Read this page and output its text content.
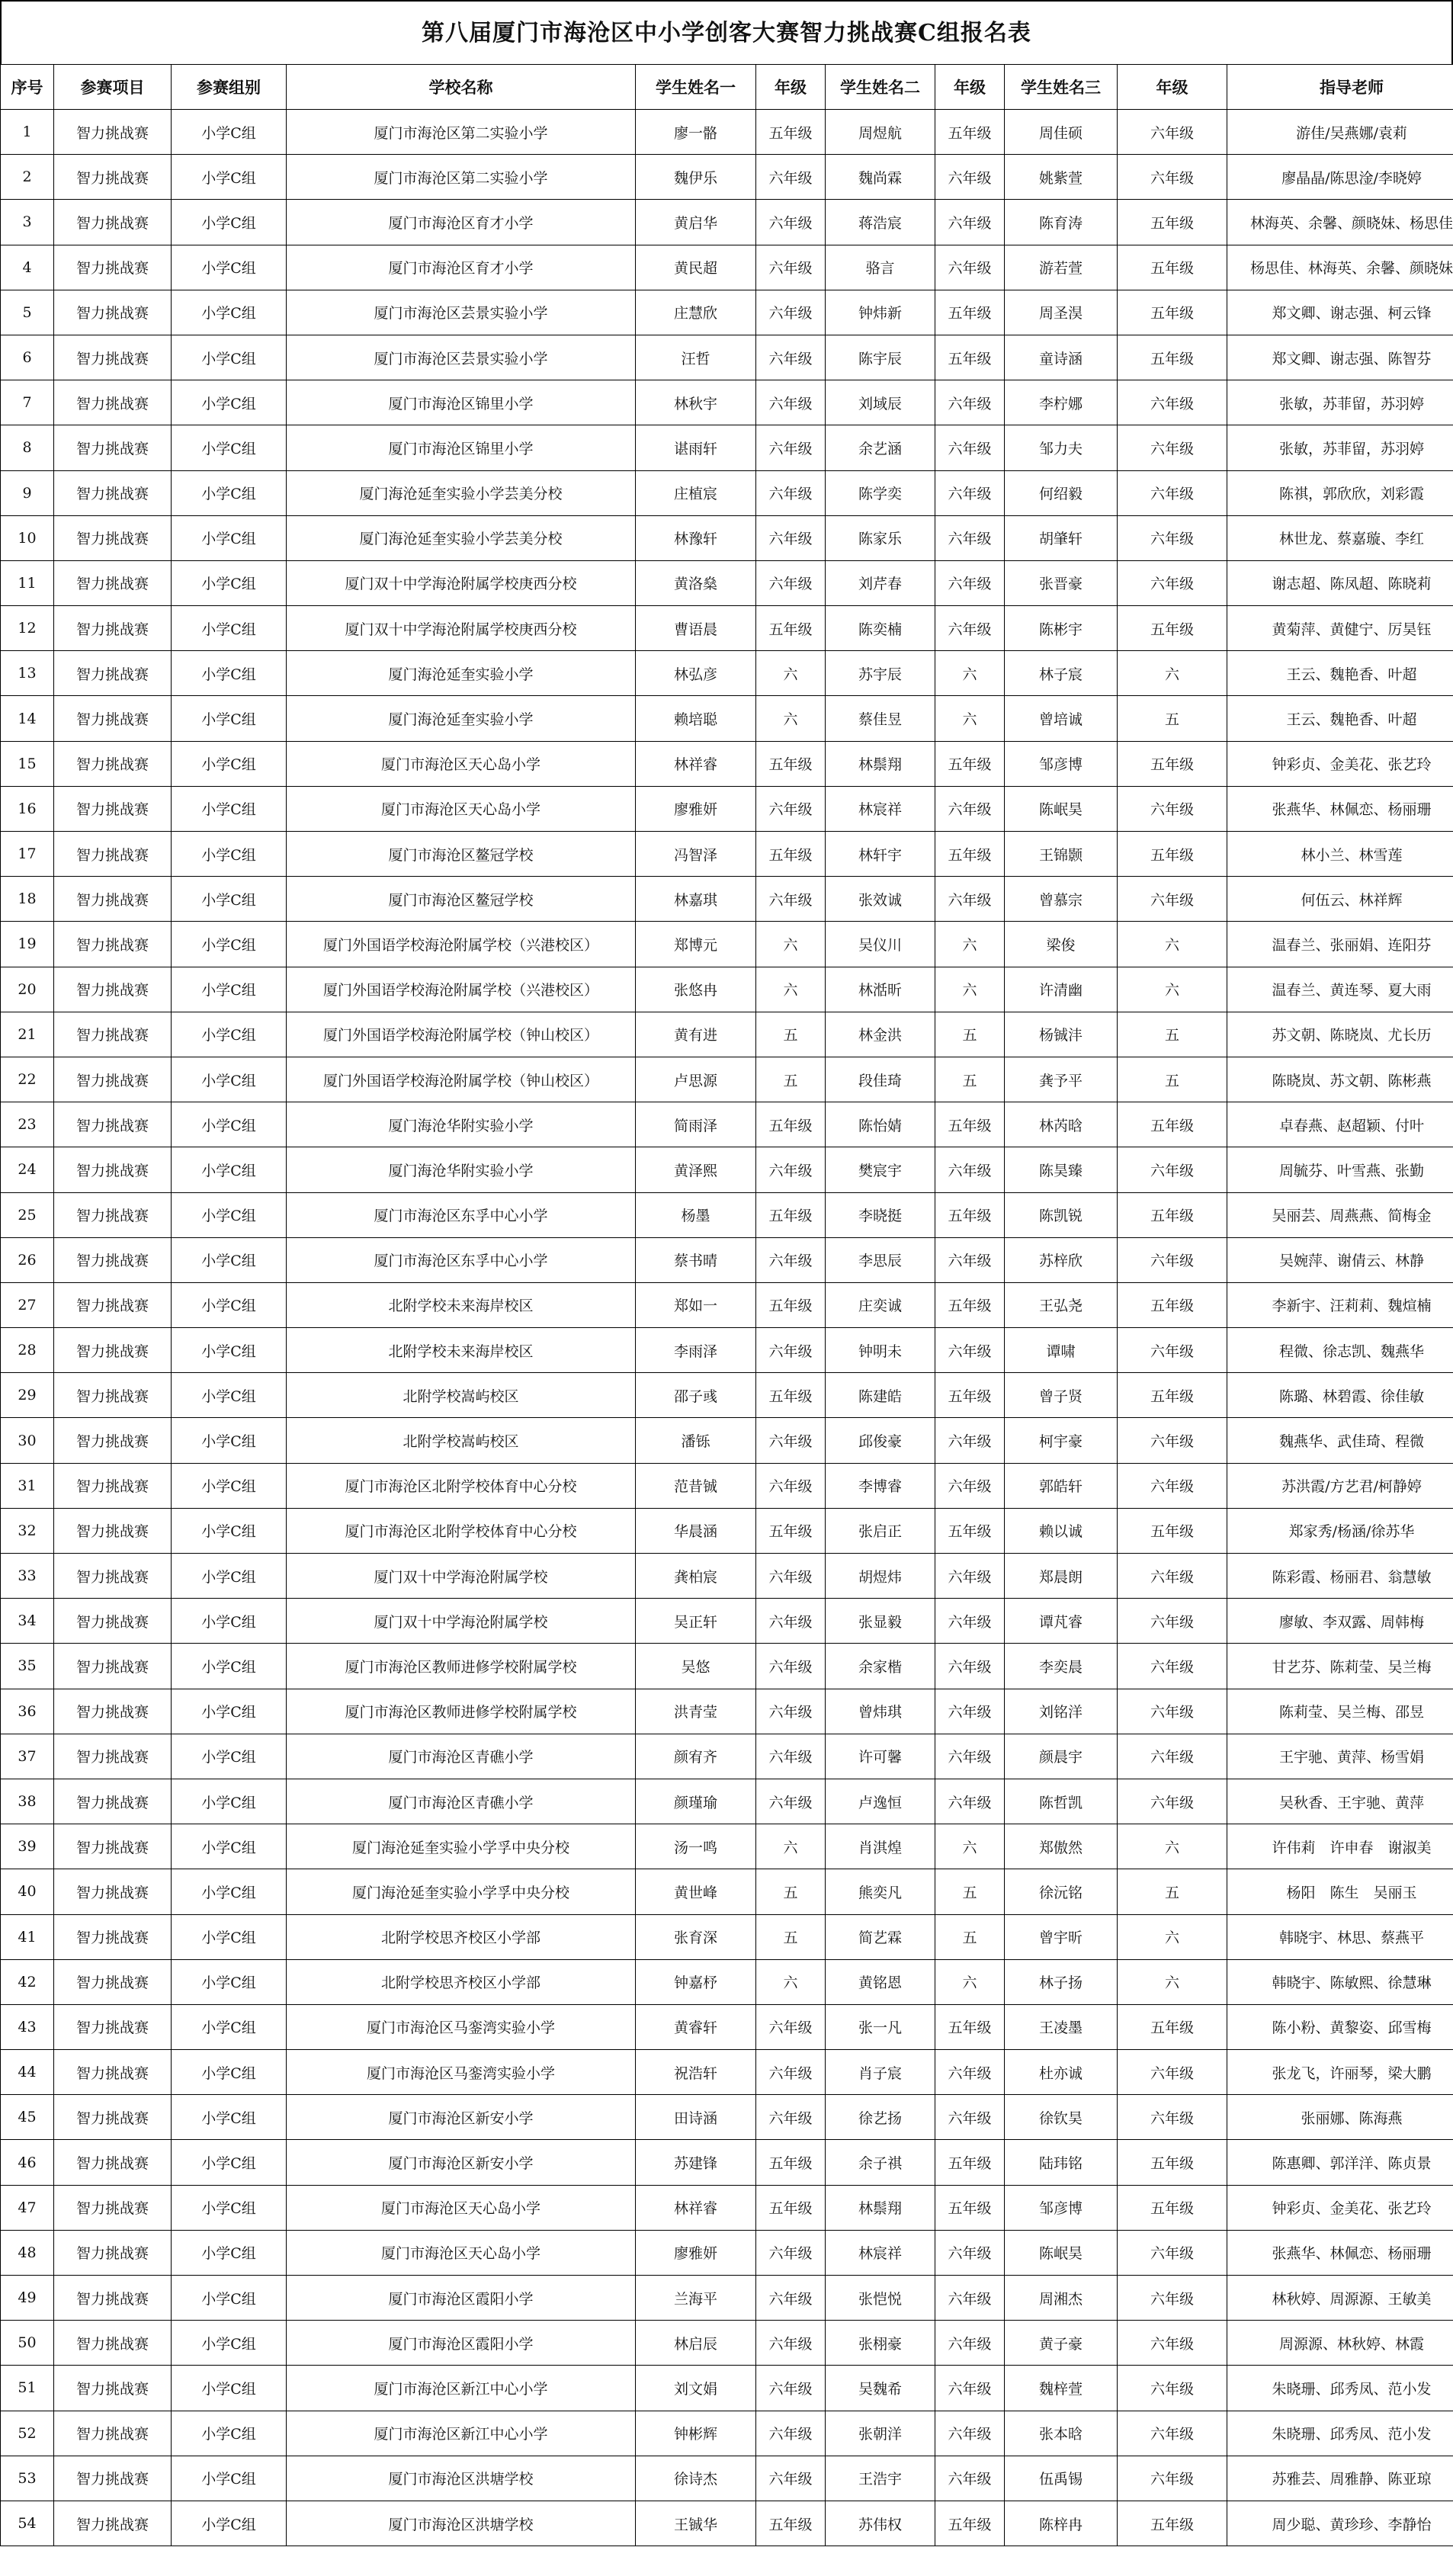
第八届厦门市海沧区中小学创客大赛智力挑战赛C组报名表
序号	参赛项目	参赛组别	学校名称	学生姓名一	年级	学生姓名二	年级	学生姓名三	年级	指导老师
1	智力挑战赛	小学C组	厦门市海沧区第二实验小学	廖一骼	五年级	周煜航	五年级	周佳硕	六年级	游佳/吴燕娜/袁莉
2	智力挑战赛	小学C组	厦门市海沧区第二实验小学	魏伊乐	六年级	魏尚霖	六年级	姚紫萱	六年级	廖晶晶/陈思淦/李晓婷
3	智力挑战赛	小学C组	厦门市海沧区育才小学	黄启华	六年级	蒋浩宸	六年级	陈育涛	五年级	林海英、余馨、颜晓妹、杨思佳
4	智力挑战赛	小学C组	厦门市海沧区育才小学	黄民超	六年级	骆言	六年级	游若萱	五年级	杨思佳、林海英、余馨、颜晓妹
5	智力挑战赛	小学C组	厦门市海沧区芸景实验小学	庄慧欣	六年级	钟炜新	五年级	周圣淏	五年级	郑文卿、谢志强、柯云锋
6	智力挑战赛	小学C组	厦门市海沧区芸景实验小学	汪哲	六年级	陈宇辰	五年级	童诗涵	五年级	郑文卿、谢志强、陈智芬
7	智力挑战赛	小学C组	厦门市海沧区锦里小学	林秋宇	六年级	刘域辰	六年级	李柠娜	六年级	张敏，苏菲留，苏羽婷
8	智力挑战赛	小学C组	厦门市海沧区锦里小学	谌雨轩	六年级	余艺涵	六年级	邹力夫	六年级	张敏，苏菲留，苏羽婷
9	智力挑战赛	小学C组	厦门海沧延奎实验小学芸美分校	庄植宸	六年级	陈学奕	六年级	何绍毅	六年级	陈祺，郭欣欣，刘彩霞
10	智力挑战赛	小学C组	厦门海沧延奎实验小学芸美分校	林豫轩	六年级	陈家乐	六年级	胡肇轩	六年级	林世龙、蔡嘉璇、李红
11	智力挑战赛	小学C组	厦门双十中学海沧附属学校庚西分校	黄洛燊	六年级	刘芹春	六年级	张晋豪	六年级	谢志超、陈凤超、陈晓莉
12	智力挑战赛	小学C组	厦门双十中学海沧附属学校庚西分校	曹语晨	五年级	陈奕楠	六年级	陈彬宇	五年级	黄菊萍、黄健宁、厉昊钰
13	智力挑战赛	小学C组	厦门海沧延奎实验小学	林弘彦	六	苏宇辰	六	林子宸	六	王云、魏艳香、叶超
14	智力挑战赛	小学C组	厦门海沧延奎实验小学	赖培聪	六	蔡佳昱	六	曾培诚	五	王云、魏艳香、叶超
15	智力挑战赛	小学C组	厦门市海沧区天心岛小学	林祥睿	五年级	林鬃翔	五年级	邹彦博	五年级	钟彩贞、金美花、张艺玲
16	智力挑战赛	小学C组	厦门市海沧区天心岛小学	廖雅妍	六年级	林宸祥	六年级	陈岷昊	六年级	张燕华、林佩恋、杨丽珊
17	智力挑战赛	小学C组	厦门市海沧区鳌冠学校	冯智泽	五年级	林轩宇	五年级	王锦颢	五年级	林小兰、林雪莲
18	智力挑战赛	小学C组	厦门市海沧区鳌冠学校	林嘉琪	六年级	张效诚	六年级	曾慕宗	六年级	何伍云、林祥辉
19	智力挑战赛	小学C组	厦门外国语学校海沧附属学校（兴港校区）	郑博元	六	吴仪川	六	梁俊	六	温春兰、张丽娟、连阳芬
20	智力挑战赛	小学C组	厦门外国语学校海沧附属学校（兴港校区）	张悠冉	六	林湉昕	六	许清幽	六	温春兰、黄连琴、夏大雨
21	智力挑战赛	小学C组	厦门外国语学校海沧附属学校（钟山校区）	黄有进	五	林金洪	五	杨铖沣	五	苏文朝、陈晓岚、尤长历
22	智力挑战赛	小学C组	厦门外国语学校海沧附属学校（钟山校区）	卢思源	五	段佳琦	五	龚予平	五	陈晓岚、苏文朝、陈彬燕
23	智力挑战赛	小学C组	厦门海沧华附实验小学	简雨泽	五年级	陈怡婧	五年级	林芮晗	五年级	卓春燕、赵超颖、付叶
24	智力挑战赛	小学C组	厦门海沧华附实验小学	黄泽熙	六年级	樊宸宇	六年级	陈昊臻	六年级	周毓芬、叶雪燕、张勤
25	智力挑战赛	小学C组	厦门市海沧区东孚中心小学	杨墨	五年级	李晓挺	五年级	陈凯锐	五年级	吴丽芸、周燕燕、简梅金
26	智力挑战赛	小学C组	厦门市海沧区东孚中心小学	蔡书晴	六年级	李思辰	六年级	苏梓欣	六年级	吴婉萍、谢倩云、林静
27	智力挑战赛	小学C组	北附学校未来海岸校区	郑如一	五年级	庄奕诚	五年级	王弘尧	五年级	李新宇、汪莉莉、魏煊楠
28	智力挑战赛	小学C组	北附学校未来海岸校区	李雨泽	六年级	钟明未	六年级	谭啸	六年级	程微、徐志凯、魏燕华
29	智力挑战赛	小学C组	北附学校嵩屿校区	邵子彧	五年级	陈建皓	五年级	曾子贤	五年级	陈璐、林碧霞、徐佳敏
30	智力挑战赛	小学C组	北附学校嵩屿校区	潘铄	六年级	邱俊豪	六年级	柯宇豪	六年级	魏燕华、武佳琦、程微
31	智力挑战赛	小学C组	厦门市海沧区北附学校体育中心分校	范昔铖	六年级	李博睿	六年级	郭皓轩	六年级	苏洪霞/方艺君/柯静婷
32	智力挑战赛	小学C组	厦门市海沧区北附学校体育中心分校	华晨涵	五年级	张启正	五年级	赖以诚	五年级	郑家秀/杨涵/徐苏华
33	智力挑战赛	小学C组	厦门双十中学海沧附属学校	龚柏宸	六年级	胡煜炜	六年级	郑晨朗	六年级	陈彩霞、杨丽君、翁慧敏
34	智力挑战赛	小学C组	厦门双十中学海沧附属学校	吴正轩	六年级	张显毅	六年级	谭芃睿	六年级	廖敏、李双露、周韩梅
35	智力挑战赛	小学C组	厦门市海沧区教师进修学校附属学校	吴悠	六年级	余家楷	六年级	李奕晨	六年级	甘艺芬、陈莉莹、吴兰梅
36	智力挑战赛	小学C组	厦门市海沧区教师进修学校附属学校	洪青莹	六年级	曾炜琪	六年级	刘铭洋	六年级	陈莉莹、吴兰梅、邵昱
37	智力挑战赛	小学C组	厦门市海沧区青礁小学	颜宥齐	六年级	许可馨	六年级	颜晨宇	六年级	王宇驰、黄萍、杨雪娟
38	智力挑战赛	小学C组	厦门市海沧区青礁小学	颜瑾瑜	六年级	卢逸恒	六年级	陈哲凯	六年级	吴秋香、王宇驰、黄萍
39	智力挑战赛	小学C组	厦门海沧延奎实验小学孚中央分校	汤一鸣	六	肖淇煌	六	郑傲然	六	许伟莉　许申春　谢淑美
40	智力挑战赛	小学C组	厦门海沧延奎实验小学孚中央分校	黄世峰	五	熊奕凡	五	徐沅铭	五	杨阳　陈生　吴丽玉
41	智力挑战赛	小学C组	北附学校思齐校区小学部	张育深	五	简艺霖	五	曾宇昕	六	韩晓宇、林思、蔡燕平
42	智力挑战赛	小学C组	北附学校思齐校区小学部	钟嘉杼	六	黄铭恩	六	林子扬	六	韩晓宇、陈敏熙、徐慧琳
43	智力挑战赛	小学C组	厦门市海沧区马銮湾实验小学	黄睿轩	六年级	张一凡	五年级	王凌墨	五年级	陈小粉、黄黎姿、邱雪梅
44	智力挑战赛	小学C组	厦门市海沧区马銮湾实验小学	祝浩轩	六年级	肖子宸	六年级	杜亦诚	六年级	张龙飞，许丽琴，梁大鹏
45	智力挑战赛	小学C组	厦门市海沧区新安小学	田诗涵	六年级	徐艺扬	六年级	徐钦昊	六年级	张丽娜、陈海燕
46	智力挑战赛	小学C组	厦门市海沧区新安小学	苏建锋	五年级	余子祺	五年级	陆玮铭	五年级	陈惠卿、郭洋洋、陈贞景
47	智力挑战赛	小学C组	厦门市海沧区天心岛小学	林祥睿	五年级	林鬃翔	五年级	邹彦博	五年级	钟彩贞、金美花、张艺玲
48	智力挑战赛	小学C组	厦门市海沧区天心岛小学	廖雅妍	六年级	林宸祥	六年级	陈岷昊	六年级	张燕华、林佩恋、杨丽珊
49	智力挑战赛	小学C组	厦门市海沧区霞阳小学	兰海平	六年级	张恺悦	六年级	周湘杰	六年级	林秋婷、周源源、王敏美
50	智力挑战赛	小学C组	厦门市海沧区霞阳小学	林启辰	六年级	张栩豪	六年级	黄子豪	六年级	周源源、林秋婷、林霞
51	智力挑战赛	小学C组	厦门市海沧区新江中心小学	刘文娟	六年级	吴魏希	六年级	魏梓萱	六年级	朱晓珊、邱秀凤、范小发
52	智力挑战赛	小学C组	厦门市海沧区新江中心小学	钟彬辉	六年级	张朝洋	六年级	张本晗	六年级	朱晓珊、邱秀凤、范小发
53	智力挑战赛	小学C组	厦门市海沧区洪塘学校	徐诗杰	六年级	王浩宇	六年级	伍禹锡	六年级	苏雅芸、周雅静、陈亚琼
54	智力挑战赛	小学C组	厦门市海沧区洪塘学校	王铖华	五年级	苏伟权	五年级	陈梓冉	五年级	周少聪、黄珍珍、李静怡
